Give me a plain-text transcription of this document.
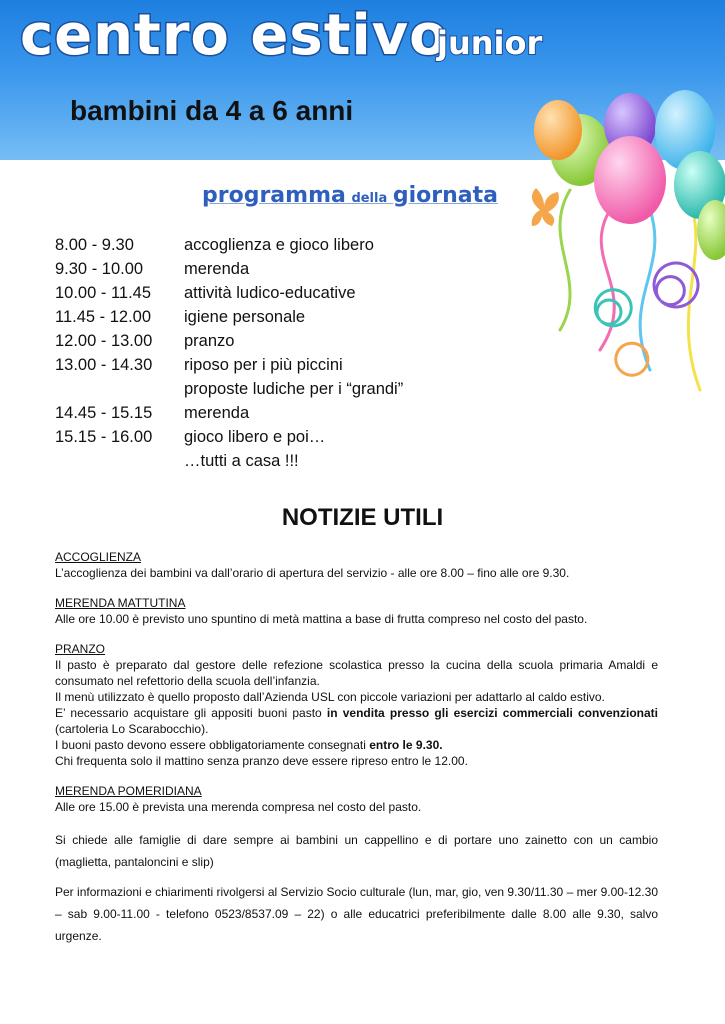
centro estivo
junior
bambini da 4 a 6 anni
programma della giornata
8.00 - 9.30	accoglienza e gioco libero
9.30 - 10.00	merenda
10.00 - 11.45	attività ludico-educative
11.45 - 12.00	igiene personale
12.00 - 13.00	pranzo
13.00 - 14.30	riposo per i più piccini
proposte ludiche per i “grandi”
14.45 - 15.15	merenda
15.15 - 16.00	gioco libero e poi…
…tutti a casa !!!
NOTIZIE UTILI

ACCOGLIENZA

L’accoglienza dei bambini va dall’orario di apertura del servizio - alle ore 8.00 – fino alle ore 9.30.

MERENDA MATTUTINA

Alle ore 10.00 è previsto uno spuntino di metà mattina a base di frutta compreso nel costo del pasto.

PRANZO

Il pasto è preparato dal gestore delle refezione scolastica presso la cucina della scuola primaria Amaldi e consumato nel refettorio della scuola dell’infanzia.

Il menù utilizzato è quello proposto dall’Azienda USL con piccole variazioni per adattarlo al caldo estivo.

E’ necessario acquistare gli appositi buoni pasto in vendita presso gli esercizi commerciali convenzionati (cartoleria Lo Scarabocchio).

I buoni pasto devono essere obbligatoriamente consegnati entro le 9.30.

Chi frequenta solo il mattino senza pranzo deve essere ripreso entro le 12.00.

MERENDA POMERIDIANA

Alle ore 15.00 è prevista una merenda compresa nel costo del pasto.

Si chiede alle famiglie di dare sempre ai bambini un cappellino e di portare uno zainetto con un cambio (maglietta, pantaloncini e slip)

Per informazioni e chiarimenti rivolgersi al Servizio Socio culturale (lun, mar, gio, ven 9.30/11.30 – mer 9.00-12.30 – sab 9.00-11.00 - telefono 0523/8537.09 – 22) o alle educatrici preferibilmente dalle 8.00 alle 9.30, salvo urgenze.
